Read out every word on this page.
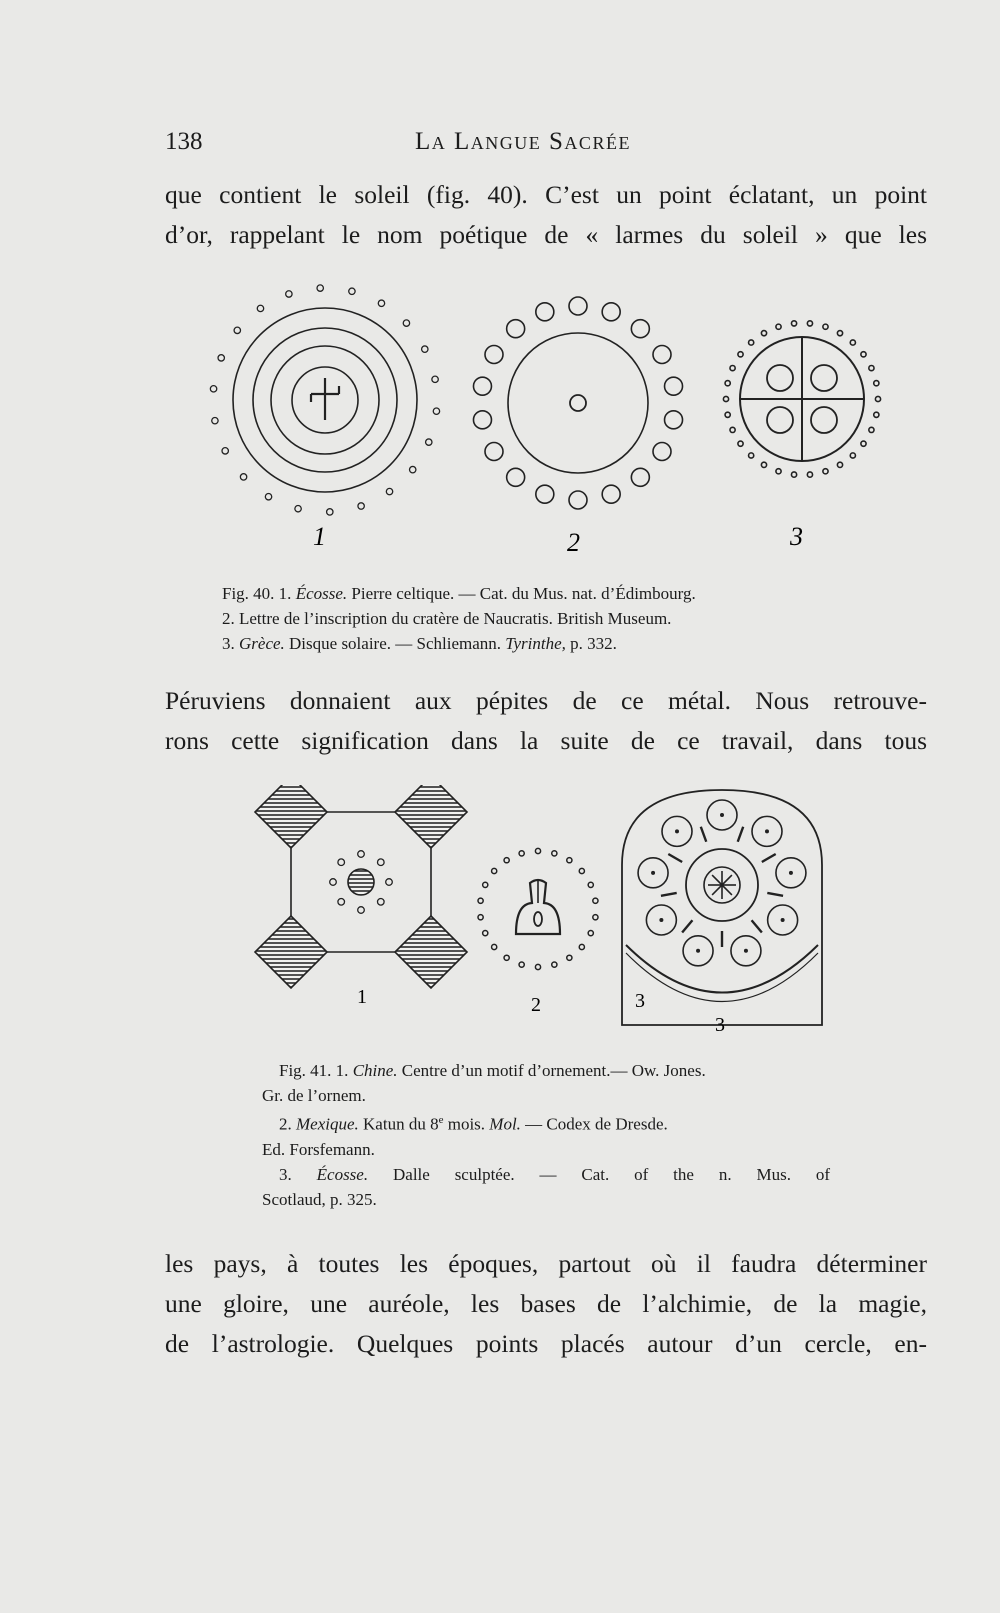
138	La Langue Sacrée
que contient le soleil (fig. 40). C’est un point éclatant, un point
d’or, rappelant le nom poétique de « larmes du soleil » que les
1	2	3
Fig. 40. 1. Écosse. Pierre celtique. — Cat. du Mus. nat. d’Édimbourg.
2. Lettre de l’inscription du cratère de Naucratis. British Museum.
3. Grèce. Disque solaire. — Schliemann. Tyrinthe, p. 332.
Péruviens donnaient aux pépites de ce métal. Nous retrouve-
rons cette signification dans la suite de ce travail, dans tous
1	2	3
3
Fig. 41. 1. Chine. Centre d’un motif d’ornement.— Ow. Jones.
Gr. de l’ornem.
2. Mexique. Katun du 8e mois. Mol. — Codex de Dresde.
Ed. Forsfemann.
3. Écosse. Dalle sculptée. — Cat. of the n. Mus. of
Scotlaud, p. 325.
les pays, à toutes les époques, partout où il faudra déterminer
une gloire, une auréole, les bases de l’alchimie, de la magie,
de l’astrologie. Quelques points placés autour d’un cercle, en-
